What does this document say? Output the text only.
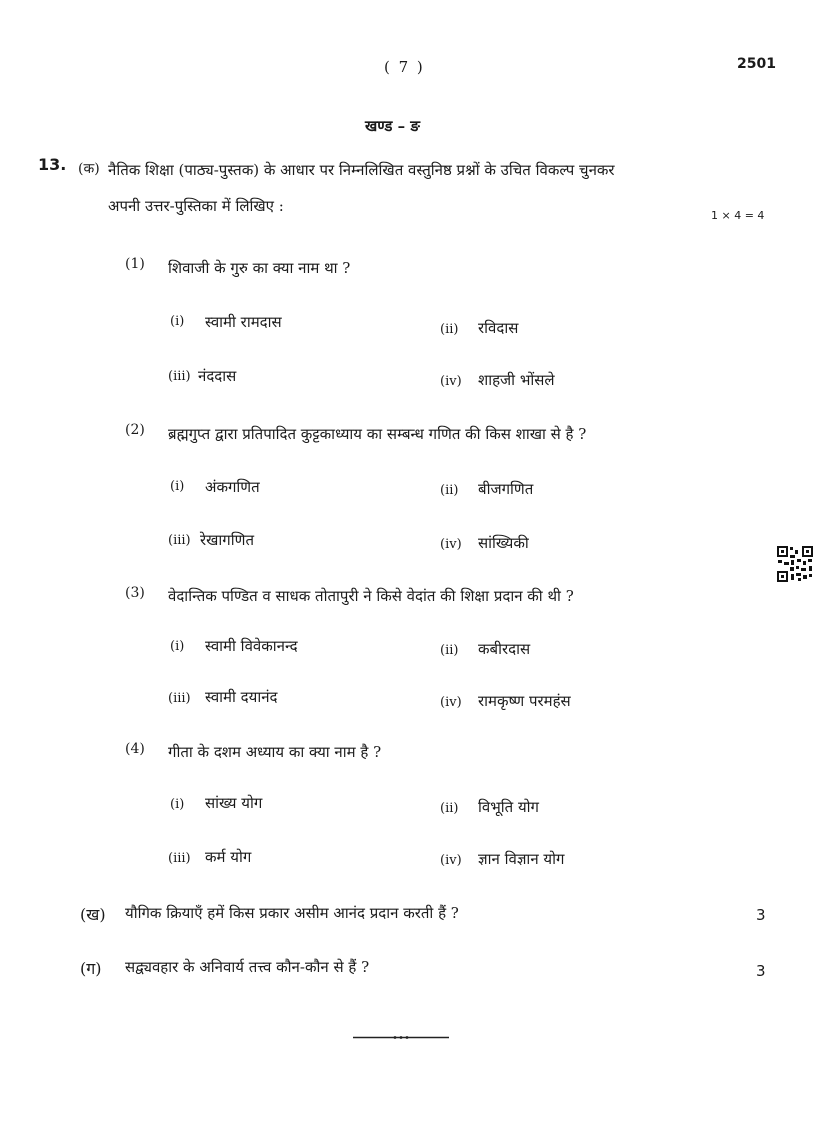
( 7 )	2501
खण्ड – ङ
13. (क) नैतिक शिक्षा (पाठ्य-पुस्तक) के आधार पर निम्नलिखित वस्तुनिष्ठ प्रश्नों के उचित विकल्प चुनकर
अपनी उत्तर-पुस्तिका में लिखिए :
1 × 4 = 4
(1) शिवाजी के गुरु का क्या नाम था ?
(i) स्वामी रामदास	(ii) रविदास
(iii) नंददास	(iv) शाहजी भोंसले
(2) ब्रह्मगुप्त द्वारा प्रतिपादित कुट्टकाध्याय का सम्बन्ध गणित की किस शाखा से है ?
(i) अंकगणित	(ii) बीजगणित
(iii) रेखागणित	(iv) सांख्यिकी
(3) वेदान्तिक पण्डित व साधक तोतापुरी ने किसे वेदांत की शिक्षा प्रदान की थी ?
(i) स्वामी विवेकानन्द	(ii) कबीरदास
(iii) स्वामी दयानंद	(iv) रामकृष्ण परमहंस
(4) गीता के दशम अध्याय का क्या नाम है ?
(i) सांख्य योग	(ii) विभूति योग
(iii) कर्म योग	(iv) ज्ञान विज्ञान योग
(ख) यौगिक क्रियाएँ हमें किस प्रकार असीम आनंद प्रदान करती हैं ?	3
(ग) सद्व्यवहार के अनिवार्य तत्त्व कौन-कौन से हैं ?	3
